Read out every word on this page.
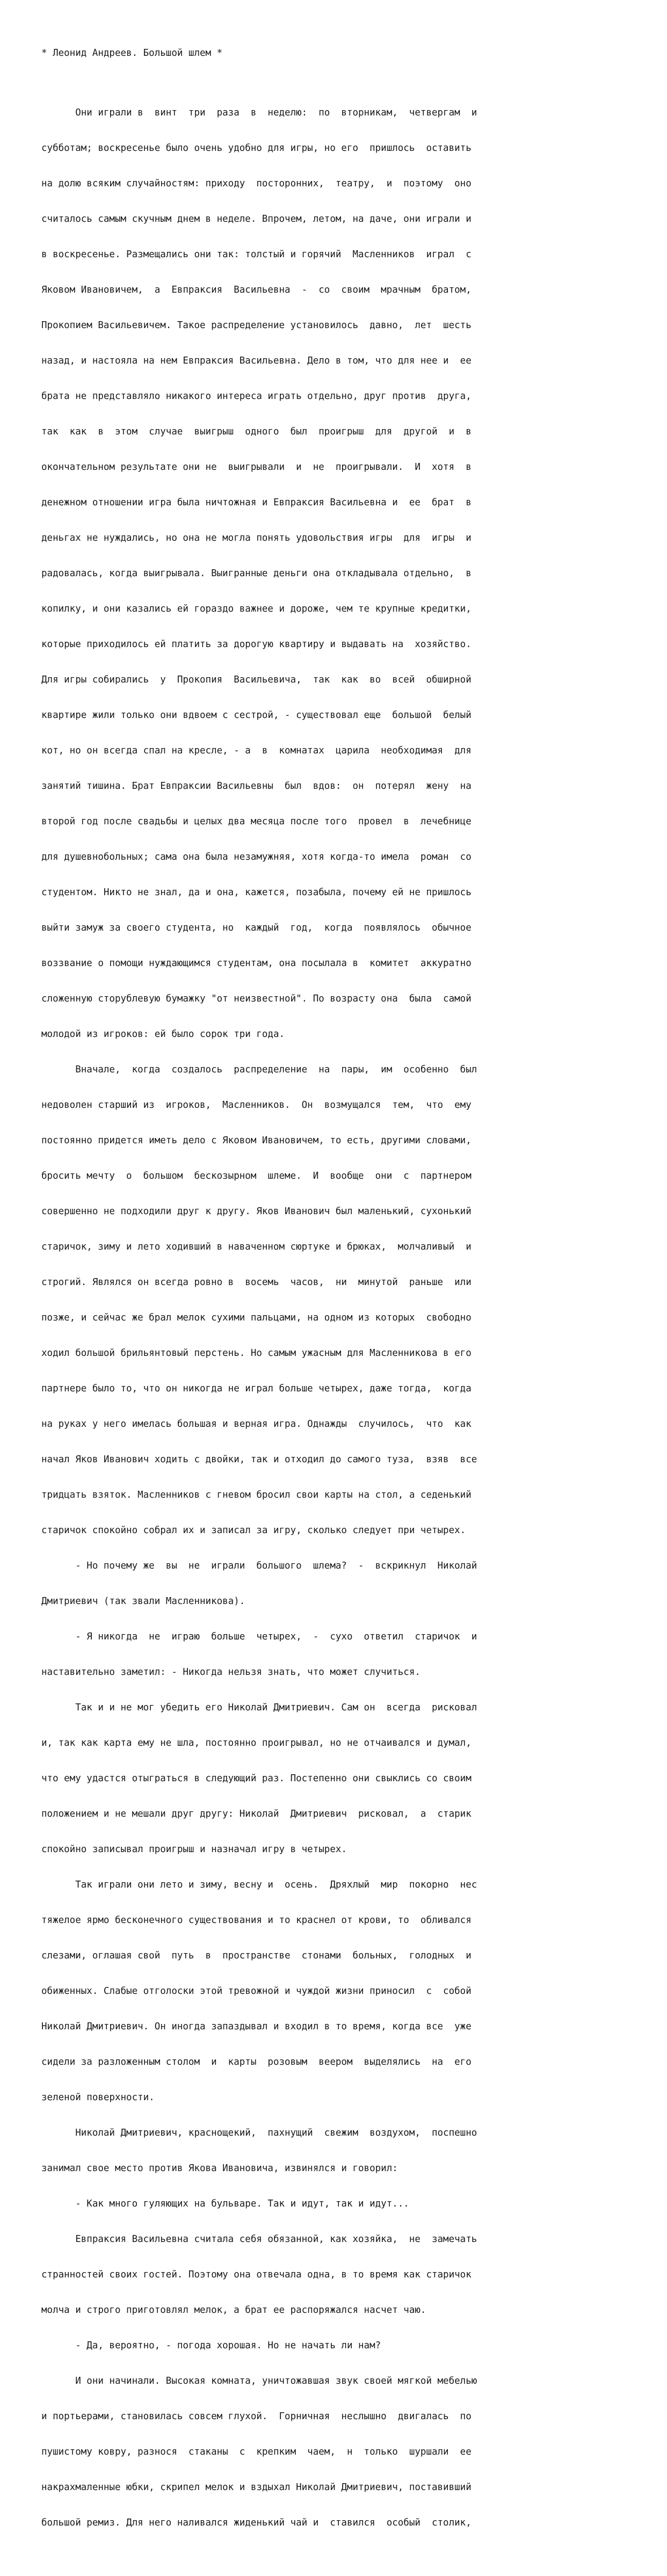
* Леонид Андреев. Большой шлем *

Они играли в  винт  три  раза  в  неделю:  по  вторникам,  четвергам  и

субботам; воскресенье было очень удобно для игры, но его  пришлось  оставить

на долю всяким случайностям: приходу  посторонних,  театру,  и  поэтому  оно

считалось самым скучным днем в неделе. Впрочем, летом, на даче, они играли и

в воскресенье. Размещались они так: толстый и горячий  Масленников  играл  с

Яковом Ивановичем,  а  Евпраксия  Васильевна  -  со  своим  мрачным  братом,

Прокопием Васильевичем. Такое распределение установилось  давно,  лет  шесть

назад, и настояла на нем Евпраксия Васильевна. Дело в том, что для нее и  ее

брата не представляло никакого интереса играть отдельно, друг против  друга,

так  как  в  этом  случае  выигрыш  одного  был  проигрыш  для  другой  и  в

окончательном результате они не  выигрывали  и  не  проигрывали.  И  хотя  в

денежном отношении игра была ничтожная и Евпраксия Васильевна и  ее  брат  в

деньгах не нуждались, но она не могла понять удовольствия игры  для  игры  и

радовалась, когда выигрывала. Выигранные деньги она откладывала отдельно,  в

копилку, и они казались ей гораздо важнее и дороже, чем те крупные кредитки,

которые приходилось ей платить за дорогую квартиру и выдавать на  хозяйство.

Для игры собирались  у  Прокопия  Васильевича,  так  как  во  всей  обширной

квартире жили только они вдвоем с сестрой, - существовал еще  большой  белый

кот, но он всегда спал на кресле, - а  в  комнатах  царила  необходимая  для

занятий тишина. Брат Евпраксии Васильевны  был  вдов:  он  потерял  жену  на

второй год после свадьбы и целых два месяца после того  провел  в  лечебнице

для душевнобольных; сама она была незамужняя, хотя когда-то имела  роман  со

студентом. Никто не знал, да и она, кажется, позабыла, почему ей не пришлось

выйти замуж за своего студента, но  каждый  год,  когда  появлялось  обычное

воззвание о помощи нуждающимся студентам, она посылала в  комитет  аккуратно

сложенную сторублевую бумажку "от неизвестной". По возрасту она  была  самой

молодой из игроков: ей было сорок три года.

Вначале,  когда  создалось  распределение  на  пары,  им  особенно  был

недоволен старший из  игроков,  Масленников.  Он  возмущался  тем,  что  ему

постоянно придется иметь дело с Яковом Ивановичем, то есть, другими словами,

бросить мечту  о  большом  бескозырном  шлеме.  И  вообще  они  с  партнером

совершенно не подходили друг к другу. Яков Иванович был маленький, сухонький

старичок, зиму и лето ходивший в наваченном сюртуке и брюках,  молчаливый  и

строгий. Являлся он всегда ровно в  восемь  часов,  ни  минутой  раньше  или

позже, и сейчас же брал мелок сухими пальцами, на одном из которых  свободно

ходил большой брильянтовый перстень. Но самым ужасным для Масленникова в его

партнере было то, что он никогда не играл больше четырех, даже тогда,  когда

на руках у него имелась большая и верная игра. Однажды  случилось,  что  как

начал Яков Иванович ходить с двойки, так и отходил до самого туза,  взяв  все

тридцать взяток. Масленников с гневом бросил свои карты на стол, а седенький

старичок спокойно собрал их и записал за игру, сколько следует при четырех.

- Но почему же  вы  не  играли  большого  шлема?  -  вскрикнул  Николай

Дмитриевич (так звали Масленникова).

- Я никогда  не  играю  больше  четырех,  -  сухо  ответил  старичок  и

наставительно заметил: - Никогда нельзя знать, что может случиться.

Так и и не мог убедить его Николай Дмитриевич. Сам он  всегда  рисковал

и, так как карта ему не шла, постоянно проигрывал, но не отчаивался и думал,

что ему удастся отыграться в следующий раз. Постепенно они свыклись со своим

положением и не мешали друг другу: Николай  Дмитриевич  рисковал,  а  старик

спокойно записывал проигрыш и назначал игру в четырех.

Так играли они лето и зиму, весну и  осень.  Дряхлый  мир  покорно  нес

тяжелое ярмо бесконечного существования и то краснел от крови, то  обливался

слезами, оглашая свой  путь  в  пространстве  стонами  больных,  голодных  и

обиженных. Слабые отголоски этой тревожной и чуждой жизни приносил  с  собой

Николай Дмитриевич. Он иногда запаздывал и входил в то время, когда все  уже

сидели за разложенным столом  и  карты  розовым  веером  выделялись  на  его

зеленой поверхности.

Николай Дмитриевич, краснощекий,  пахнущий  свежим  воздухом,  поспешно

занимал свое место против Якова Ивановича, извинялся и говорил:

- Как много гуляющих на бульваре. Так и идут, так и идут...

Евпраксия Васильевна считала себя обязанной, как хозяйка,  не  замечать

странностей своих гостей. Поэтому она отвечала одна, в то время как старичок

молча и строго приготовлял мелок, а брат ее распоряжался насчет чаю.

- Да, вероятно, - погода хорошая. Но не начать ли нам?

И они начинали. Высокая комната, уничтожавшая звук своей мягкой мебелью

и портьерами, становилась совсем глухой.  Горничная  неслышно  двигалась  по

пушистому ковру, разнося  стаканы  с  крепким  чаем,  н  только  шуршали  ее

накрахмаленные юбки, скрипел мелок и вздыхал Николай Дмитриевич, поставивший

большой ремиз. Для него наливался жиденький чай и  ставился  особый  столик,
